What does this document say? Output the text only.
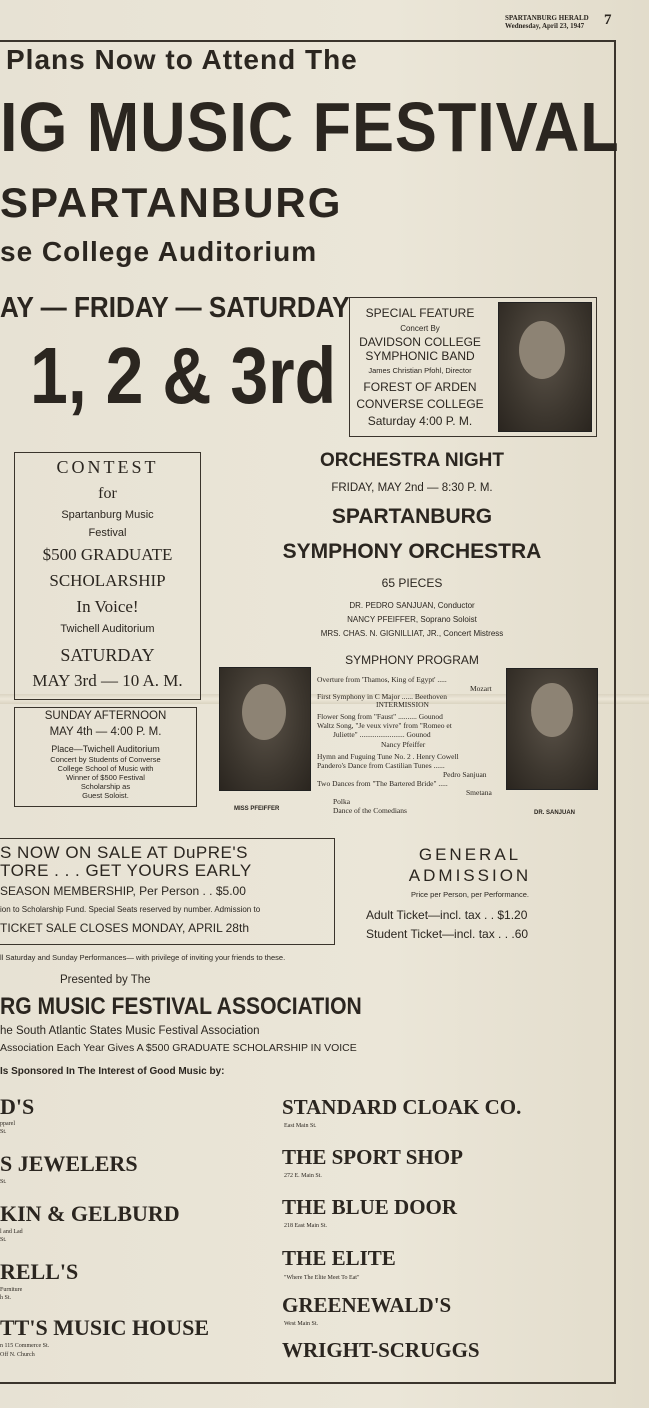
SPARTANBURG HERALD
Wednesday, April 23, 1947	7
Plans Now to Attend The
IG MUSIC FESTIVAL
SPARTANBURG
se College Auditorium
AY — FRIDAY — SATURDAY
1, 2 & 3rd
SPECIAL FEATURE
Concert By
DAVIDSON COLLEGE
SYMPHONIC BAND
James Christian Pfohl, Director
FOREST OF ARDEN
CONVERSE COLLEGE
Saturday 4:00 P. M.
CONTEST
for
Spartanburg Music
Festival
$500 GRADUATE
SCHOLARSHIP
In Voice!
Twichell Auditorium
SATURDAY
MAY 3rd — 10 A. M.
SUNDAY AFTERNOON
MAY 4th — 4:00 P. M.
Place—Twichell Auditorium
Concert by Students of Converse
College School of Music with
Winner of $500 Festival
Scholarship as
Guest Soloist.
ORCHESTRA NIGHT
FRIDAY, MAY 2nd — 8:30 P. M.
SPARTANBURG
SYMPHONY ORCHESTRA
65 PIECES
DR. PEDRO SANJUAN, Conductor
NANCY PFEIFFER, Soprano Soloist
MRS. CHAS. N. GIGNILLIAT, JR., Concert Mistress
SYMPHONY PROGRAM
MISS PFEIFFER
DR. SANJUAN
Overture from 'Thamos, King of Egypt' .....
Mozart
First Symphony in C Major ...... Beethoven
INTERMISSION
Flower Song from "Faust" .......... Gounod
Waltz Song, "Je veux vivre" from "Romeo et
Juliette" ........................ Gounod
Nancy Pfeiffer
Hymn and Fuguing Tune No. 2 . Henry Cowell
Pandero's Dance from Castilian Tunes ......
Pedro Sanjuan
Two Dances from "The Bartered Bride" .....
Smetana
Polka
Dance of the Comedians
S NOW ON SALE AT DuPRE'S
TORE . . . GET YOURS EARLY
SEASON MEMBERSHIP, Per Person . . $5.00
ion to Scholarship Fund. Special Seats reserved by number. Admission to
TICKET SALE CLOSES MONDAY, APRIL 28th
ll Saturday and Sunday Performances— with privilege of inviting your friends to these.
GENERAL
ADMISSION
Price per Person, per Performance.
Adult Ticket—incl. tax . . $1.20
Student Ticket—incl. tax . . .60
Presented by The
RG MUSIC FESTIVAL ASSOCIATION
he South Atlantic States Music Festival Association
Association Each Year Gives A $500 GRADUATE SCHOLARSHIP IN VOICE
Is Sponsored In The Interest of Good Music by:
D'S
pparel
St.
S JEWELERS
St.
KIN & GELBURD
l and Lad
St.
RELL'S
Furniture
h St.
TT'S MUSIC HOUSE
n 115 Commerce St.
Off N. Church
STANDARD CLOAK CO.
East Main St.
THE SPORT SHOP
272 E. Main St.
THE BLUE DOOR
218 East Main St.
THE ELITE
"Where The Elite Meet To Eat"
GREENEWALD'S
West Main St.
WRIGHT-SCRUGGS
